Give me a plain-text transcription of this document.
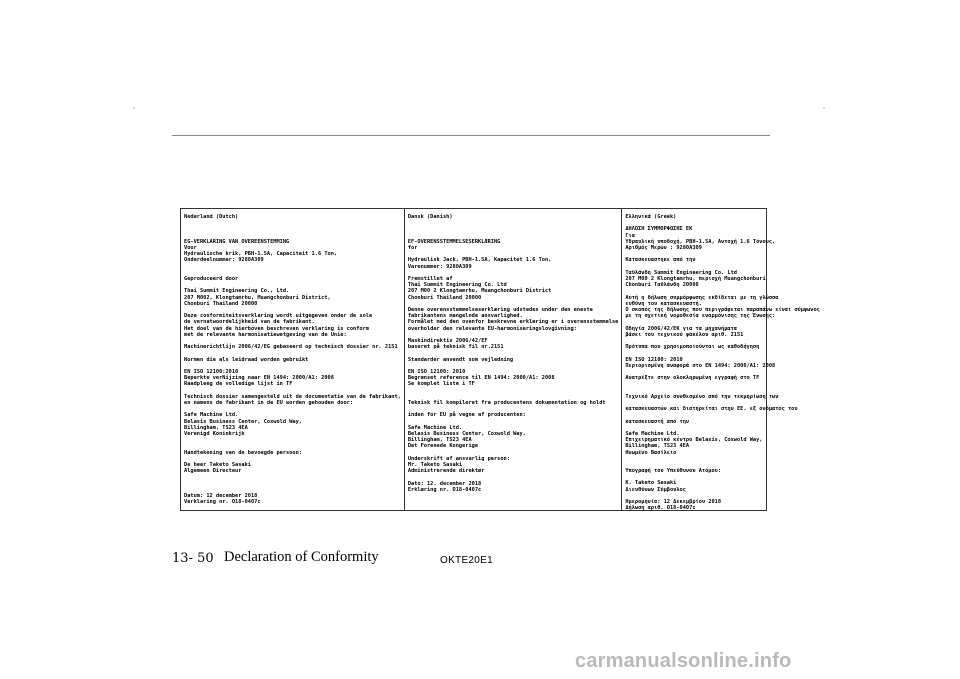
Nederland (Dutch)
EG-VERKLARING VAN OVEREENSTEMMING
Voor
Hydraulische krik, PBH-1.5A, Capaciteit 1.6 Ton,
Onderdeelnummer: 9280A309
Geproduceerd door
Thai Summit Engineering Co., Ltd.
207 M002, Klongtamrhu, Muangchonburi District,
Chonburi Thailand 20000
Deze conformiteitsverklaring wordt uitgegeven onder de sole
de vernatwoordelijkheid van de fabrikant.
Het doel van de hierboven beschreven verklaring is conform
met de relevante harmonisatiewetgeving van de Unie:
Machinerichtlijn 2006/42/EG gebaseerd op technisch dossier nr. 2151
Normen die als leidraad worden gebruikt
EN ISO 12100:2010
Beperkte verNijzing naar EN 1494: 2000/A1: 2008
Raadpleeg de volledige lijst in TF
Technisch dossier samengesteld uit de documentatie van de fabrikant,
en namens de fabrikant in de EU worden gehouden door:
Safe Machine Ltd.
Belasis Business Center, Coxwold Way,
Billingham, TS23 4EA
Verenigd Koninkrijk
Handtekening van de bevoegde persoon:
De heer Taketo Sasaki
Algemeen Directeur
Datum: 12 december 2018
Verklaring nr. O18-0407c
Dansk (Danish)
EF-OVERENSSTEMMELSESERKLÆRING
for
Hydraulisk Jack, PBH-1.5A, Kapacitet 1.6 Ton,
Varenummer: 9280A309
Fremstillet af
Thai Summit Engineering Co. Ltd
207 M00 2 Klongtamrhu, Muangchonburi District
Chonburi Thailand 20000
Denne overensstemmelseserklæring udstedes under den eneste
fabrikantens mangelnde ansvarlighed.
Formålet med den ovenfor beskrevne erklæring er i overensstemmelse
overholder den relevante EU-harmoniseringslovgivning:
Maskindirektiv 2006/42/EF
baseret på teknisk fil nr.2151
Standarder anvendt som vejledning
EN ISO 12100: 2010
Begrænset reference til EN 1494: 2000/A1: 2008
Se komplet liste i TF
Teknisk fil kompileret fra producentens dokumentation og holdt
inden for EU på vegne af producenten:
Safe Machine Ltd.
Belasis Business Center, Coxwold Way,
Billingham, TS23 4EA
Det Forenede Kongerige
Underskrift af ansvarlig person:
Mr. Taketo Sasaki
Administrerende direktør
Dato: 12. december 2018
Erklæring nr. O18-0407c
Ελληνικά (Greek)
ΔΗΛΩΣΗ ΣΥΜΜΟΡΦΩΣΗΣ ΕΚ
Για
Υδραυλική υποδοχή, PBH-1.5A, Αντοχή 1.6 Τόνους,
Αριθμός Μερών : 9280A309
Κατασκευαστηκε από την
Ταϋλάνδη Summit Engineering Co. Ltd
207 M00 2 Klongtamrhu, περιοχή Muangchonburi
Chonburi Ταϋλάνδη 20000
Αυτή η δήλωση συμμόρφωσης εκδίδεται με τη γλώσσα
ευθύνη του κατασκευαστή.
Ο σκοπός της δήλωσης που περιγράφεται παραπάνω είναι σύμφωνος
με τη σχετική νομοθεσία εναρμόνισης της Ένωσης:
Οδηγία 2006/42/ΕΚ για τα μηχανήματα
βάσει του τεχνικού φακέλου αριθ. 2151
Πρότυπα που χρησιμοποιούνται ως καθοδήγηση
EN ISO 12100: 2010
Περιορισμένη αναφορά στο EN 1494: 2000/A1: 2008
Ανατρέξτε στην ολοκληρωμένη εγγραφή στο TF
Τεχνικό Αρχείο συνθεσμένο από την τεκμηρίωση των
κατασκευαστών και διατηρείται στην ΕΕ. εξ ονόματος του
κατασκευαστή από την
Safe Machine Ltd.
Επιχειρηματικό κέντρο Belasis, Coxwold Way,
Billingham, TS23 4EA
Ηνωμένο Βασίλειο
Υπογραφή του Υπεύθυνου Ατόμου:
Κ. Taketo Sasaki
Διευθύνων Σύμβουλος
Ημερομηνία: 12 Δεκεμβρίου 2018
Δήλωση αριθ. O18-0407c
13- 50 Declaration of Conformity	OKTE20E1
carmanualsonline.info
